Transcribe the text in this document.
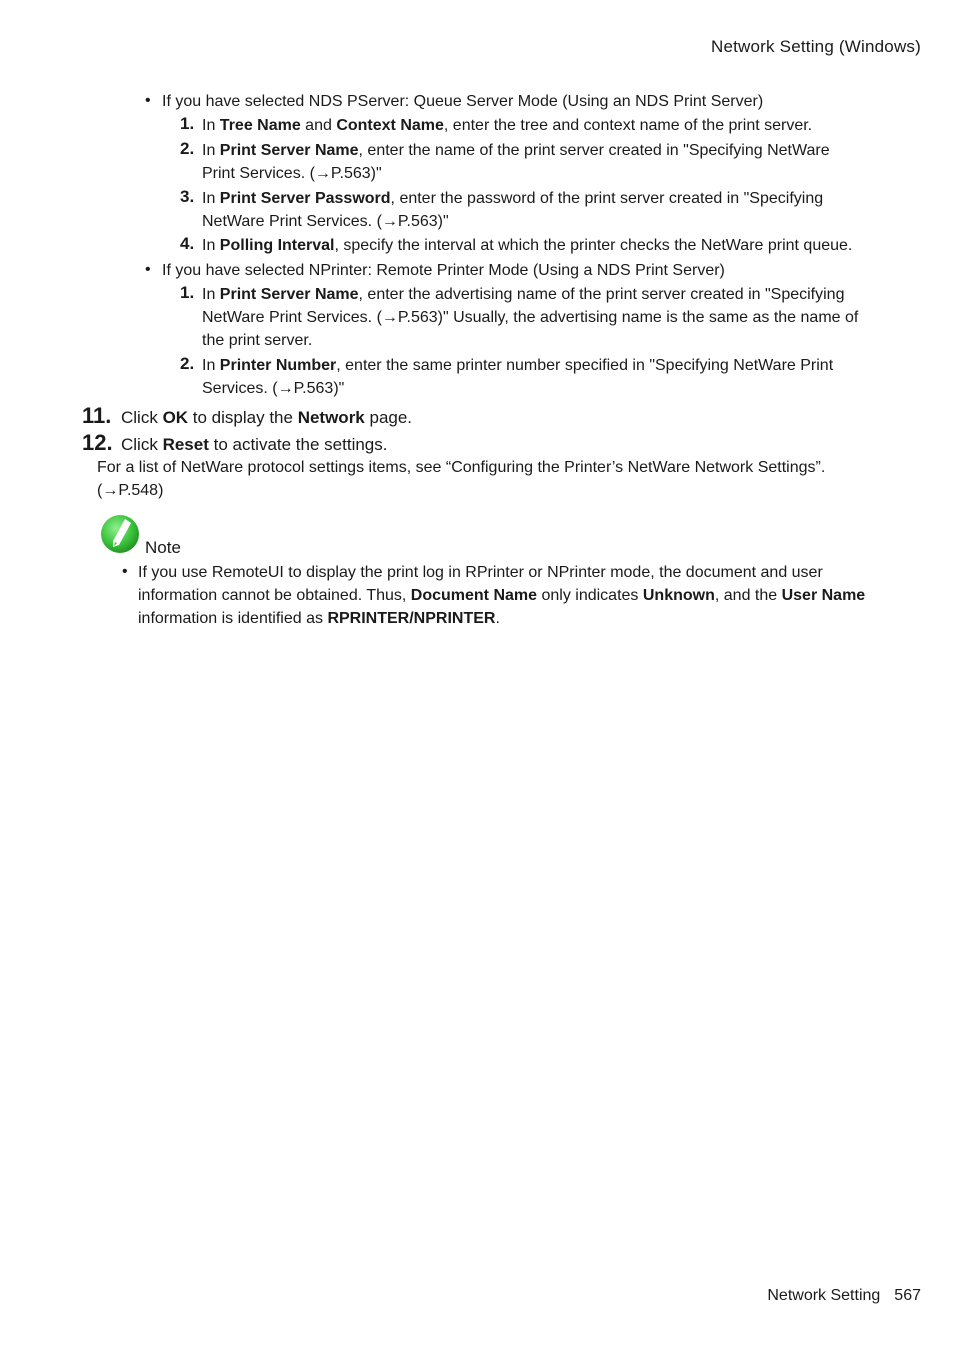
Network Setting (Windows)
• If you have selected NDS PServer: Queue Server Mode (Using an NDS Print Server)
1. In Tree Name and Context Name, enter the tree and context name of the print server.
2. In Print Server Name, enter the name of the print server created in "Specifying NetWare
Print Services. (→P.563)"
3. In Print Server Password, enter the password of the print server created in "Specifying
NetWare Print Services. (→P.563)"
4. In Polling Interval, specify the interval at which the printer checks the NetWare print queue.
• If you have selected NPrinter: Remote Printer Mode (Using a NDS Print Server)
1. In Print Server Name, enter the advertising name of the print server created in "Specifying
NetWare Print Services. (→P.563)" Usually, the advertising name is the same as the name of
the print server.
2. In Printer Number, enter the same printer number specified in "Specifying NetWare Print
Services. (→P.563)"
11. Click OK to display the Network page.
12. Click Reset to activate the settings.
For a list of NetWare protocol settings items, see “Configuring the Printer’s NetWare Network Settings”.
(→P.548)
Note
• If you use RemoteUI to display the print log in RPrinter or NPrinter mode, the document and user
information cannot be obtained. Thus, Document Name only indicates Unknown, and the User Name
information is identified as RPRINTER/NPRINTER.
Network Setting 567
